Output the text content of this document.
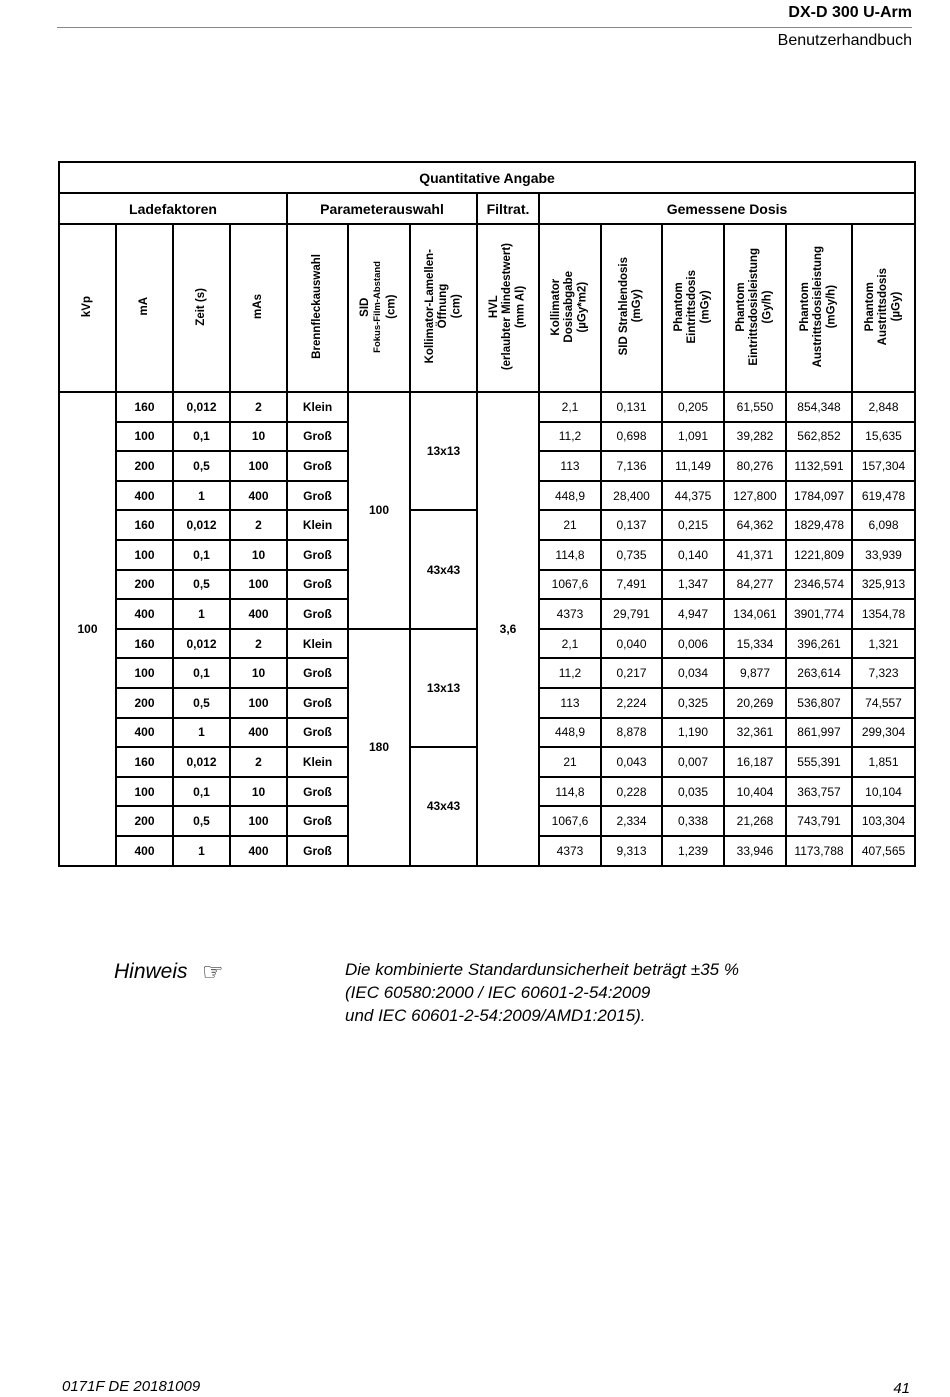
DX-D 300 U-Arm
Benutzerhandbuch
Quantitative Angabe													
Ladefaktoren				Parameterauswahl			Filtrat.	Gemessene Dosis					
kVp	mA	Zeit (s)	mAs	Brennfleckauswahl	SID
Fokus-Film-Abstand (cm)	Kollimator-Lamellen-
Öffnung
(cm)	HVL
(erlaubter Mindestwert)
(mm Al)	Kollimator
Dosisabgabe
(µGy*m2)	SID Strahlendosis
(mGy)	Phantom
Eintrittsdosis
(mGy)	Phantom
Eintrittsdosisleistung
(Gy/h)	Phantom
Austrittsdosisleistung
(mGy/h)	Phantom
Austrittsdosis
(µGy)
100	160	0,012	2	Klein	100	13x13	3,6	2,1	0,131	0,205	61,550	854,348	2,848
	100	0,1	10	Groß				11,2	0,698	1,091	39,282	562,852	15,635
	200	0,5	100	Groß				113	7,136	11,149	80,276	1132,591	157,304
	400	1	400	Groß				448,9	28,400	44,375	127,800	1784,097	619,478
	160	0,012	2	Klein		43x43		21	0,137	0,215	64,362	1829,478	6,098
	100	0,1	10	Groß				114,8	0,735	0,140	41,371	1221,809	33,939
	200	0,5	100	Groß				1067,6	7,491	1,347	84,277	2346,574	325,913
	400	1	400	Groß				4373	29,791	4,947	134,061	3901,774	1354,78
	160	0,012	2	Klein	180	13x13		2,1	0,040	0,006	15,334	396,261	1,321
	100	0,1	10	Groß				11,2	0,217	0,034	9,877	263,614	7,323
	200	0,5	100	Groß				113	2,224	0,325	20,269	536,807	74,557
	400	1	400	Groß				448,9	8,878	1,190	32,361	861,997	299,304
	160	0,012	2	Klein		43x43		21	0,043	0,007	16,187	555,391	1,851
	100	0,1	10	Groß				114,8	0,228	0,035	10,404	363,757	10,104
	200	0,5	100	Groß				1067,6	2,334	0,338	21,268	743,791	103,304
	400	1	400	Groß				4373	9,313	1,239	33,946	1173,788	407,565
Hinweis ☞	Die kombinierte Standardunsicherheit beträgt ±35 %
(IEC 60580:2000 / IEC 60601-2-54:2009
und IEC 60601-2-54:2009/AMD1:2015).
0171F DE 20181009	41
